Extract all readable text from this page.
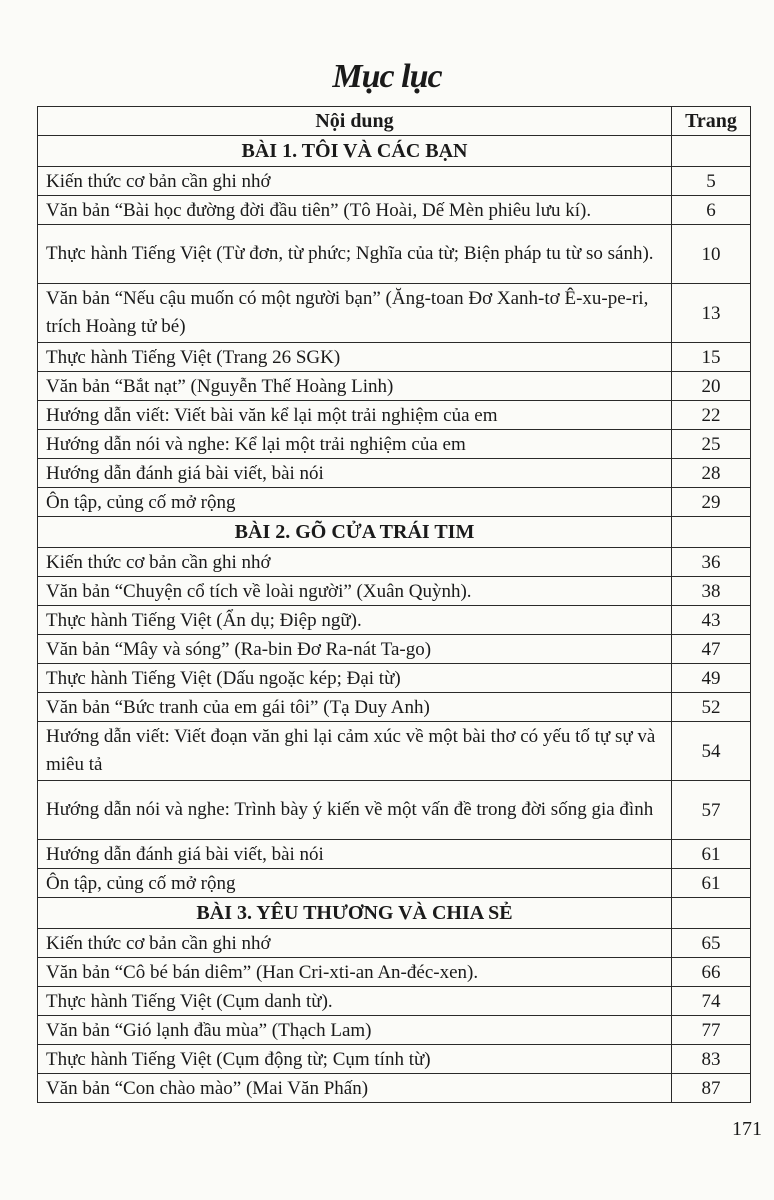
Mục lục
Nội dung	Trang
BÀI 1. TÔI VÀ CÁC BẠN	
Kiến thức cơ bản cần ghi nhớ	5
Văn bản “Bài học đường đời đầu tiên” (Tô Hoài, Dế Mèn phiêu lưu kí).	6
Thực hành Tiếng Việt (Từ đơn, từ phức; Nghĩa của từ; Biện pháp tu từ so sánh).	10
Văn bản “Nếu cậu muốn có một người bạn” (Ăng-toan Đơ Xanh-tơ Ê-xu-pe-ri, trích Hoàng tử bé)	13
Thực hành Tiếng Việt (Trang 26 SGK)	15
Văn bản “Bắt nạt” (Nguyễn Thế Hoàng Linh)	20
Hướng dẫn viết: Viết bài văn kể lại một trải nghiệm của em	22
Hướng dẫn nói và nghe: Kể lại một trải nghiệm của em	25
Hướng dẫn đánh giá bài viết, bài nói	28
Ôn tập, củng cố mở rộng	29
BÀI 2. GÕ CỬA TRÁI TIM	
Kiến thức cơ bản cần ghi nhớ	36
Văn bản “Chuyện cổ tích về loài người” (Xuân Quỳnh).	38
Thực hành Tiếng Việt (Ẩn dụ; Điệp ngữ).	43
Văn bản “Mây và sóng” (Ra-bin Đơ Ra-nát Ta-go)	47
Thực hành Tiếng Việt (Dấu ngoặc kép; Đại từ)	49
Văn bản “Bức tranh của em gái tôi” (Tạ Duy Anh)	52
Hướng dẫn viết: Viết đoạn văn ghi lại cảm xúc về một bài thơ có yếu tố tự sự và miêu tả	54
Hướng dẫn nói và nghe: Trình bày ý kiến về một vấn đề trong đời sống gia đình	57
Hướng dẫn đánh giá bài viết, bài nói	61
Ôn tập, củng cố mở rộng	61
BÀI 3. YÊU THƯƠNG VÀ CHIA SẺ	
Kiến thức cơ bản cần ghi nhớ	65
Văn bản “Cô bé bán diêm” (Han Cri-xti-an An-đéc-xen).	66
Thực hành Tiếng Việt (Cụm danh từ).	74
Văn bản “Gió lạnh đầu mùa” (Thạch Lam)	77
Thực hành Tiếng Việt (Cụm động từ; Cụm tính từ)	83
Văn bản “Con chào mào” (Mai Văn Phấn)	87
171
